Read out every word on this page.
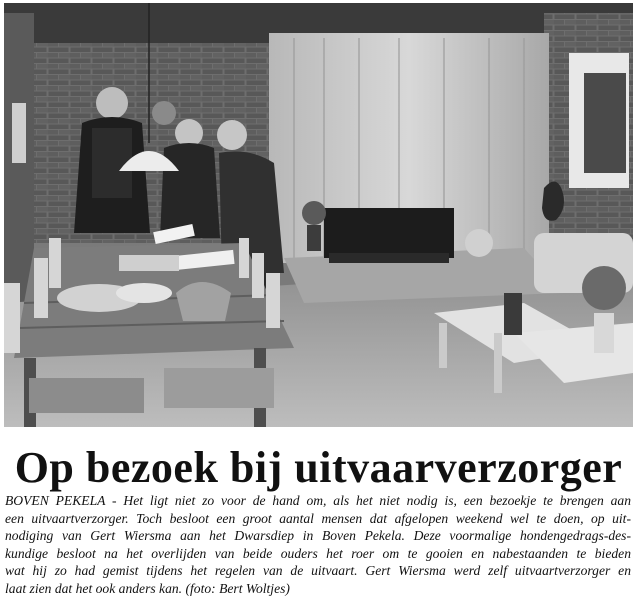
Op bezoek bij uitvaarverzorger
BOVEN PEKELA - Het ligt niet zo voor de hand om, als het niet nodig is, een bezoekje te brengen aan
een uitvaartverzorger. Toch besloot een groot aantal mensen dat afgelopen weekend wel te doen, op uit-
nodiging van Gert Wiersma aan het Dwarsdiep in Boven Pekela. Deze voormalige hondengedrags-des-
kundige besloot na het overlijden van beide ouders het roer om te gooien en nabestaanden te bieden
wat hij zo had gemist tijdens het regelen van de uitvaart. Gert Wiersma werd zelf uitvaartverzorger en
laat zien dat het ook anders kan. (foto: Bert Woltjes)
